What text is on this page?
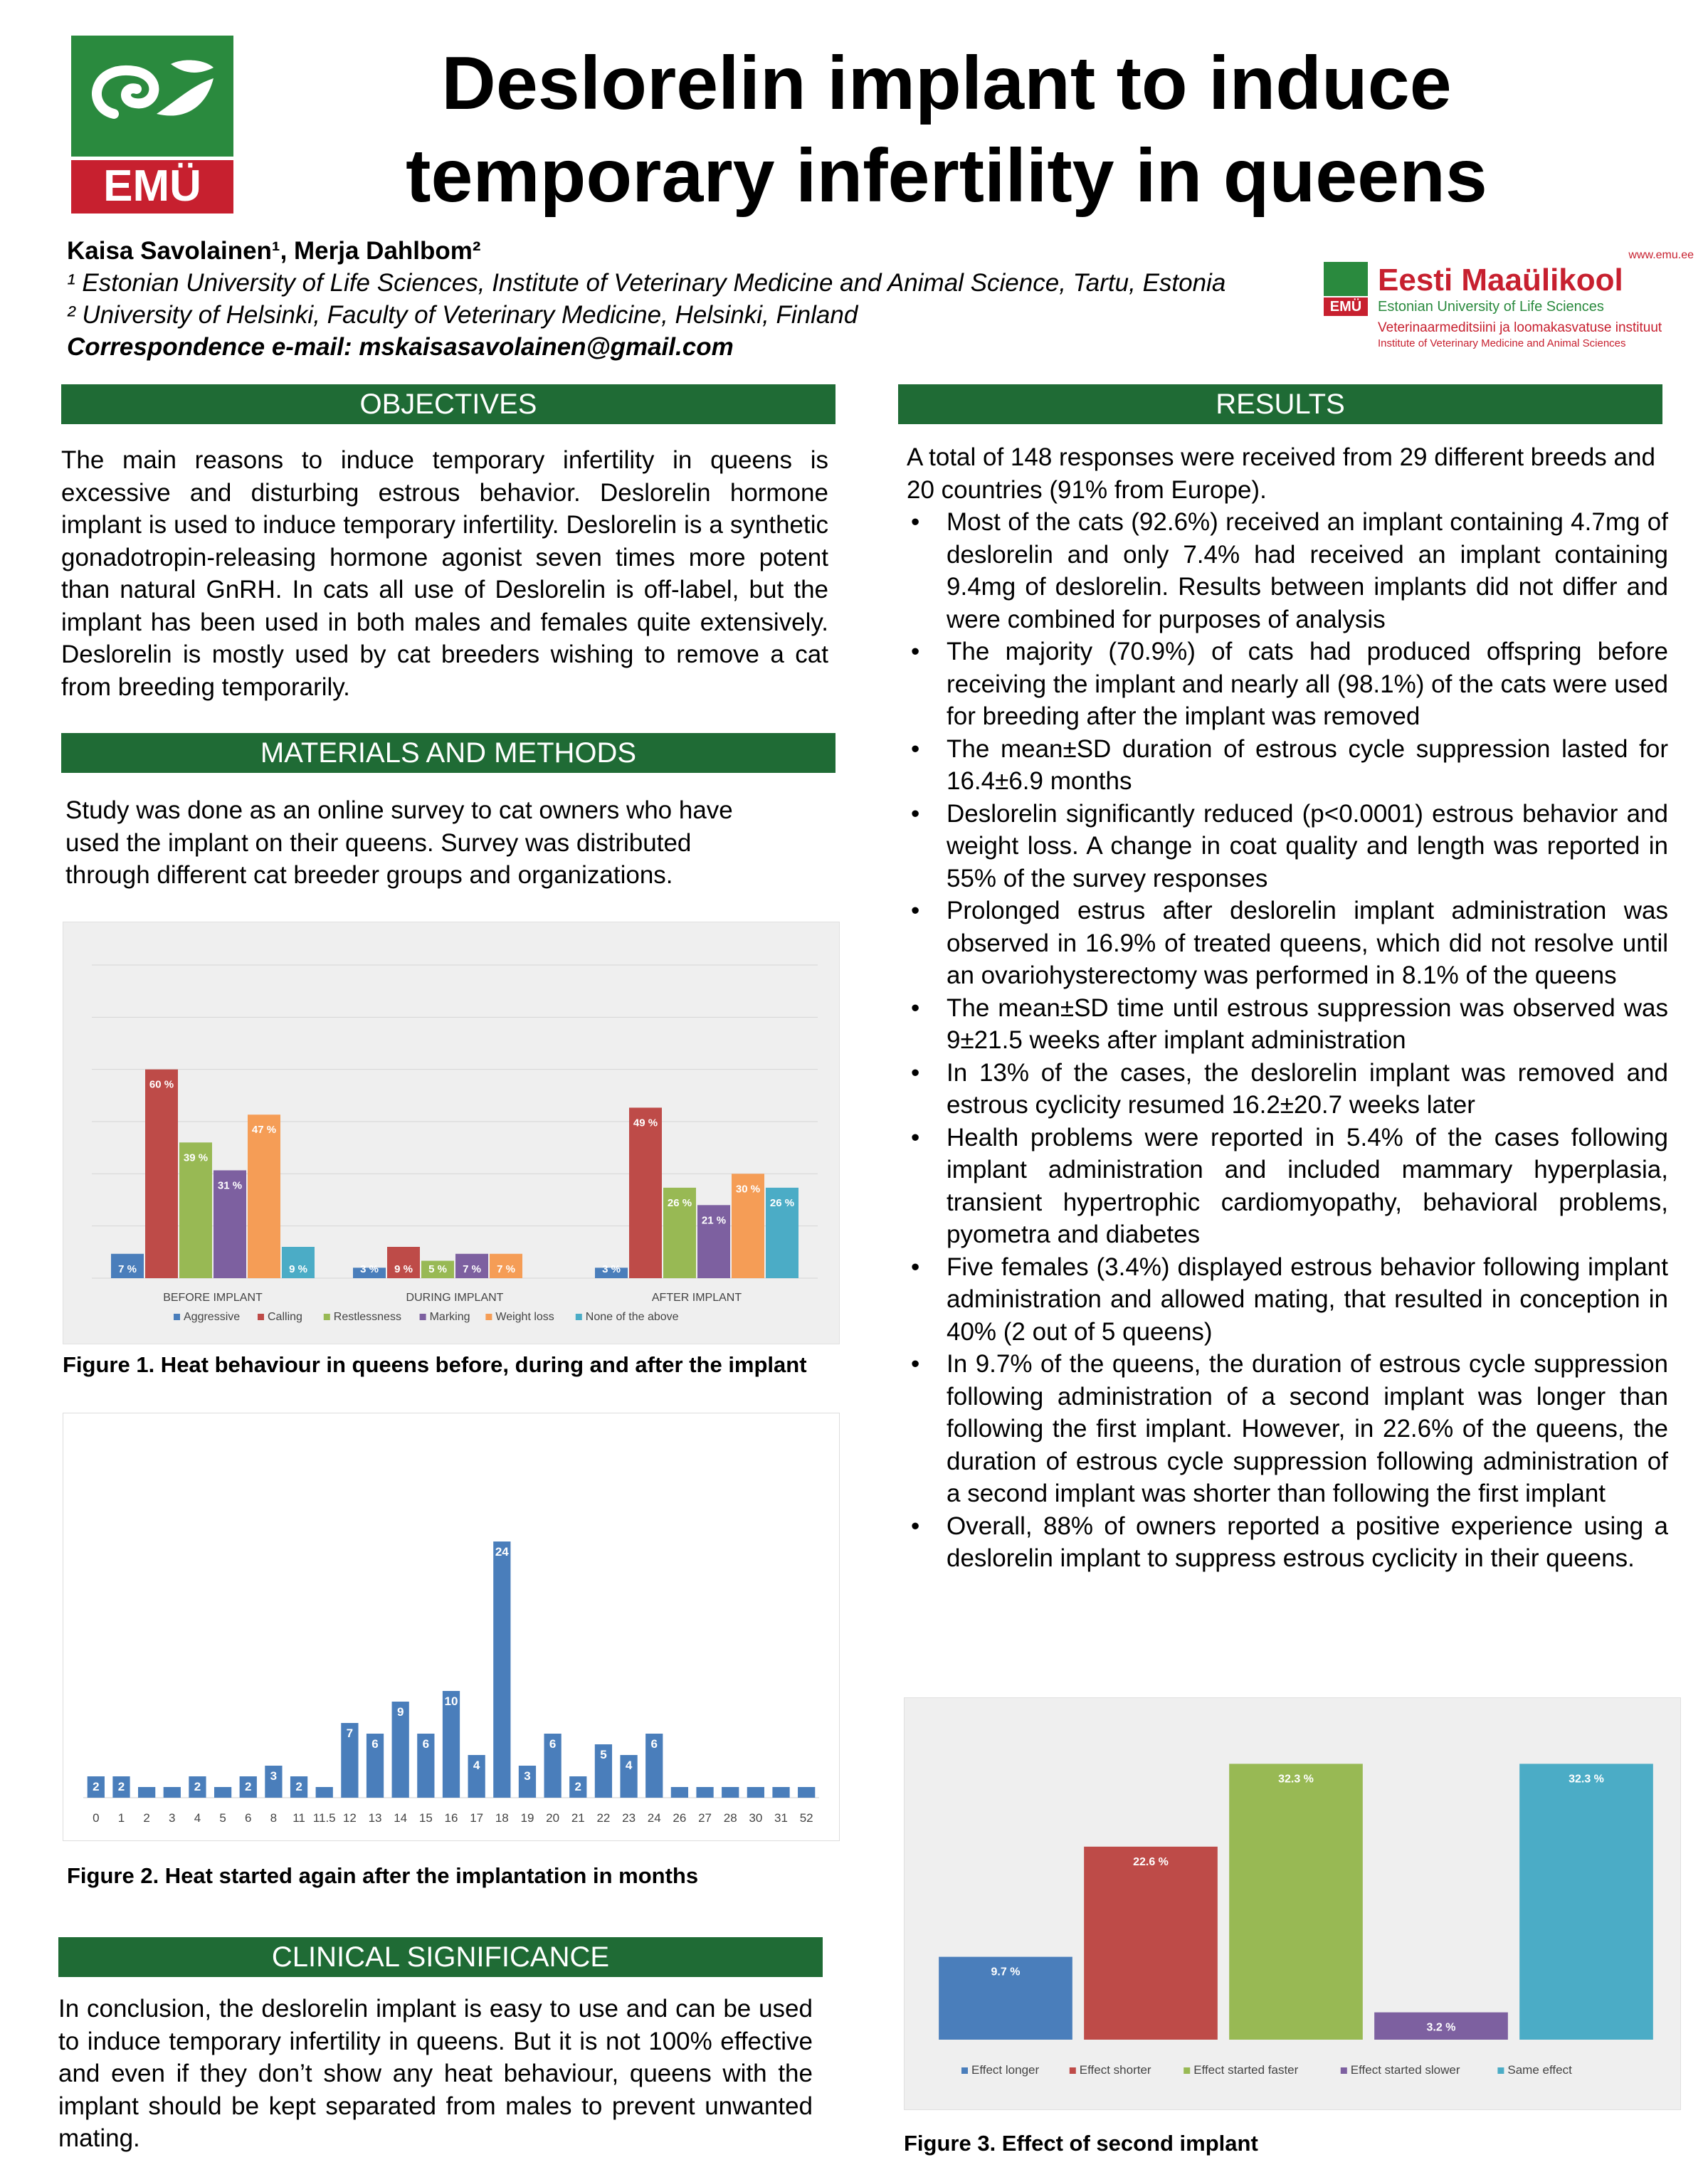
EMÜ
Deslorelin implant to induce
temporary infertility in queens
Kaisa Savolainen¹, Merja Dahlbom²
¹ Estonian University of Life Sciences, Institute of Veterinary Medicine and Animal Science, Tartu, Estonia
² University of Helsinki, Faculty of Veterinary Medicine, Helsinki, Finland
Correspondence e-mail: mskaisasavolainen@gmail.com
www.emu.ee
EMÜ
Eesti Maaülikool
Estonian University of Life Sciences
Veterinaarmeditsiini ja loomakasvatuse instituut
Institute of Veterinary Medicine and Animal Sciences
OBJECTIVES
The main reasons to induce temporary infertility in queens is excessive and disturbing estrous behavior. Deslorelin hormone implant is used to induce temporary infertility. Deslorelin is a synthetic gonadotropin-releasing hormone agonist seven times more potent than natural GnRH. In cats all use of Deslorelin is off-label, but the implant has been used in both males and females quite extensively. Deslorelin is mostly used by cat breeders wishing to remove a cat from breeding temporarily.
MATERIALS AND METHODS
Study was done as an online survey to cat owners who have used the implant on their queens. Survey was distributed through different cat breeder groups and organizations.
7 %
60 %
39 %
31 %
47 %
9 %
BEFORE IMPLANT
3 % 9 % 5 % 7 % 7 %
DURING IMPLANT
3 %
49 %
26 %
21 %
30 %
26 %
AFTER IMPLANT
Aggressive Calling	Restlessness Marking Weight loss	None of the above
Figure 1. Heat behaviour in queens before, during and after the implant
2
0
2
1 2 3
2
4 5
2
6
3
8
2
11 11.5
7
12
6
13
9
14
6
15
10
16
4
17
24
18
3
19
6
20
2
21
5
22
4
23
6
24 26 27 28 30 31 52
Figure 2. Heat started again after the implantation in months
CLINICAL SIGNIFICANCE
In conclusion, the deslorelin implant is easy to use and can be used to induce temporary infertility in queens. But it is not 100% effective and even if they don’t show any heat behaviour, queens with the implant should be kept separated from males to prevent unwanted mating.
RESULTS
A total of 148 responses were received from 29 different breeds and 20 countries (91% from Europe).
• Most of the cats (92.6%) received an implant containing 4.7mg of deslorelin and only 7.4% had received an implant containing 9.4mg of deslorelin. Results between implants did not differ and were combined for purposes of analysis
• The majority (70.9%) of cats had produced offspring before receiving the implant and nearly all (98.1%) of the cats were used for breeding after the implant was removed
• The mean±SD duration of estrous cycle suppression lasted for 16.4±6.9 months
• Deslorelin significantly reduced (p<0.0001) estrous behavior and weight loss. A change in coat quality and length was reported in 55% of the survey responses
• Prolonged estrus after deslorelin implant administration was observed in 16.9% of treated queens, which did not resolve until an ovariohysterectomy was performed in 8.1% of the queens
• The mean±SD time until estrous suppression was observed was 9±21.5 weeks after implant administration
• In 13% of the cases, the deslorelin implant was removed and estrous cyclicity resumed 16.2±20.7 weeks later
• Health problems were reported in 5.4% of the cases following implant administration and included mammary hyperplasia, transient hypertrophic cardiomyopathy, behavioral problems, pyometra and diabetes
• Five females (3.4%) displayed estrous behavior following implant administration and allowed mating, that resulted in conception in 40% (2 out of 5 queens)
• In 9.7% of the queens, the duration of estrous cycle suppression following administration of a second implant was longer than following the first implant. However, in 22.6% of the queens, the duration of estrous cycle suppression following administration of a second implant was shorter than following the first implant
• Overall, 88% of owners reported a positive experience using a deslorelin implant to suppress estrous cyclicity in their queens.
9.7 %
22.6 %
32.3 %
3.2 %
32.3 %
Effect longer	Effect shorter	Effect started faster	Effect started slower	Same effect
Figure 3. Effect of second implant
